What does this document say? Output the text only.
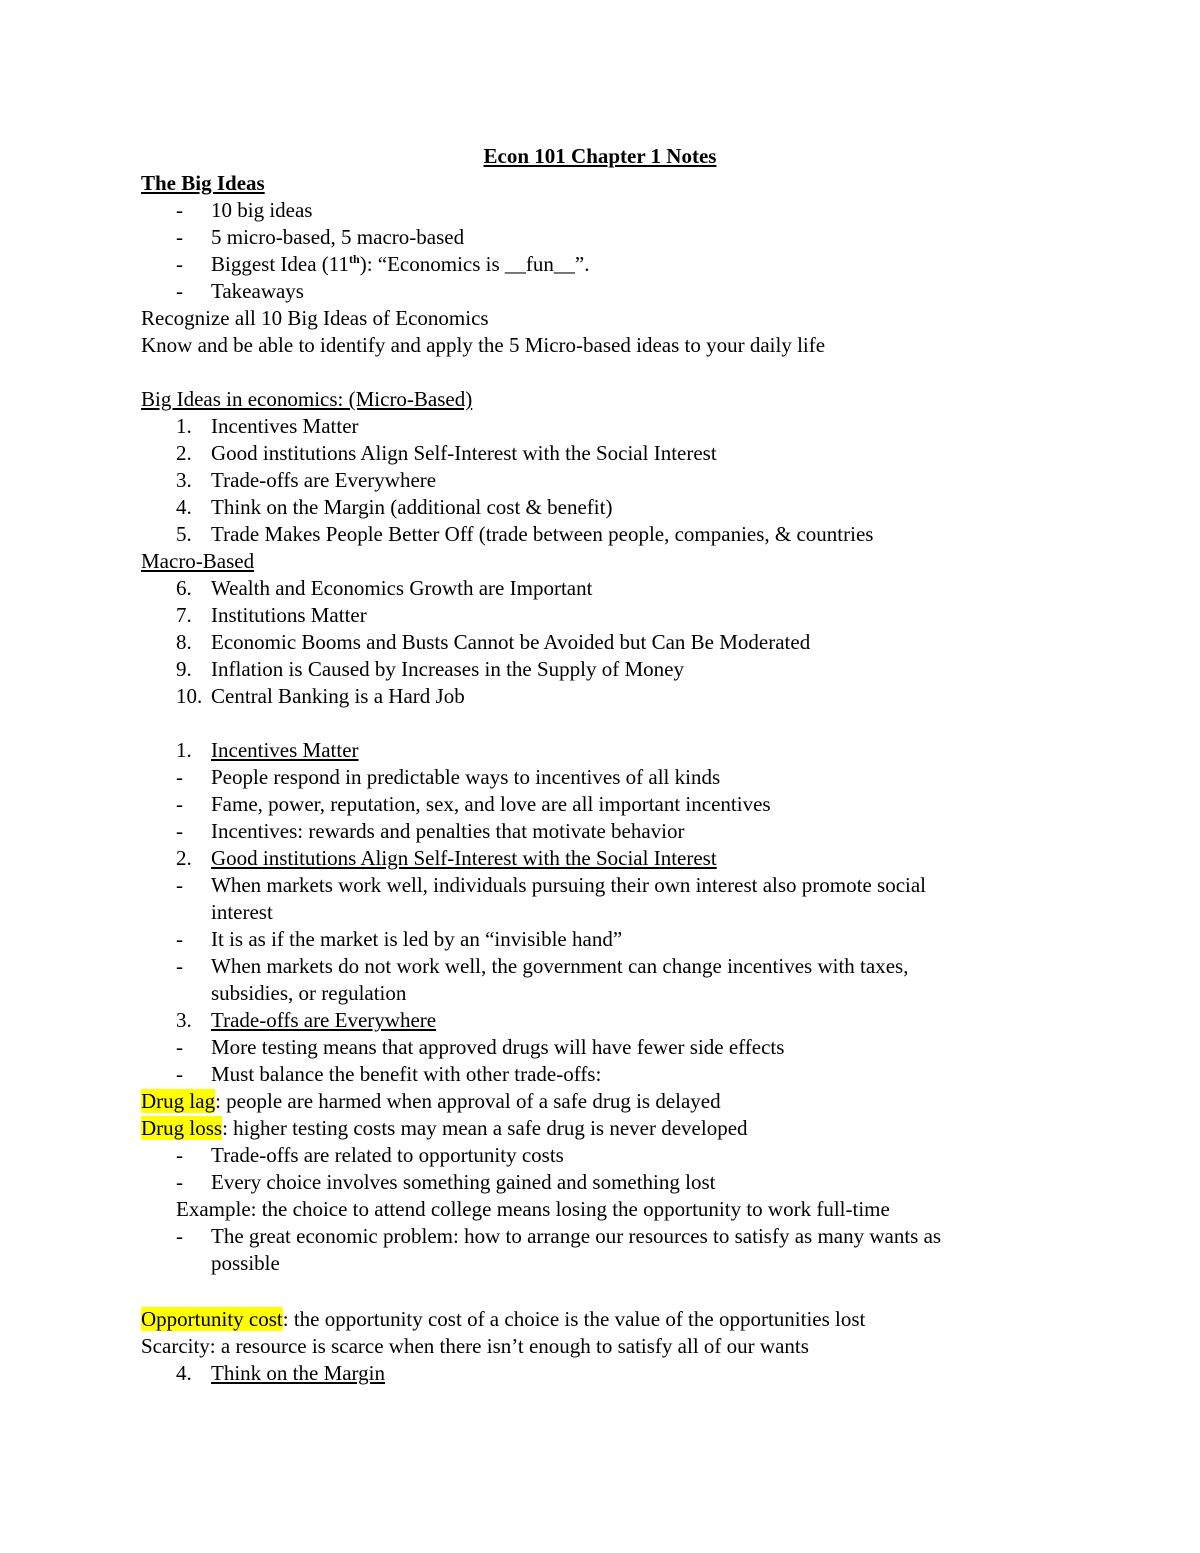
Econ 101 Chapter 1 Notes
The Big Ideas
- 10 big ideas
- 5 micro-based, 5 macro-based
- Biggest Idea (11th): “Economics is __fun__”.
- Takeaways
Recognize all 10 Big Ideas of Economics
Know and be able to identify and apply the 5 Micro-based ideas to your daily life
Big Ideas in economics: (Micro-Based)
1. Incentives Matter
2. Good institutions Align Self-Interest with the Social Interest
3. Trade-offs are Everywhere
4. Think on the Margin (additional cost & benefit)
5. Trade Makes People Better Off (trade between people, companies, & countries
Macro-Based
6. Wealth and Economics Growth are Important
7. Institutions Matter
8. Economic Booms and Busts Cannot be Avoided but Can Be Moderated
9. Inflation is Caused by Increases in the Supply of Money
10. Central Banking is a Hard Job
1. Incentives Matter
- People respond in predictable ways to incentives of all kinds
- Fame, power, reputation, sex, and love are all important incentives
- Incentives: rewards and penalties that motivate behavior
2. Good institutions Align Self-Interest with the Social Interest
- When markets work well, individuals pursuing their own interest also promote social
interest
- It is as if the market is led by an “invisible hand”
- When markets do not work well, the government can change incentives with taxes,
subsidies, or regulation
3. Trade-offs are Everywhere
- More testing means that approved drugs will have fewer side effects
- Must balance the benefit with other trade-offs:
Drug lag: people are harmed when approval of a safe drug is delayed
Drug loss: higher testing costs may mean a safe drug is never developed
- Trade-offs are related to opportunity costs
- Every choice involves something gained and something lost
Example: the choice to attend college means losing the opportunity to work full-time
- The great economic problem: how to arrange our resources to satisfy as many wants as
possible
Opportunity cost: the opportunity cost of a choice is the value of the opportunities lost
Scarcity: a resource is scarce when there isn’t enough to satisfy all of our wants
4. Think on the Margin
